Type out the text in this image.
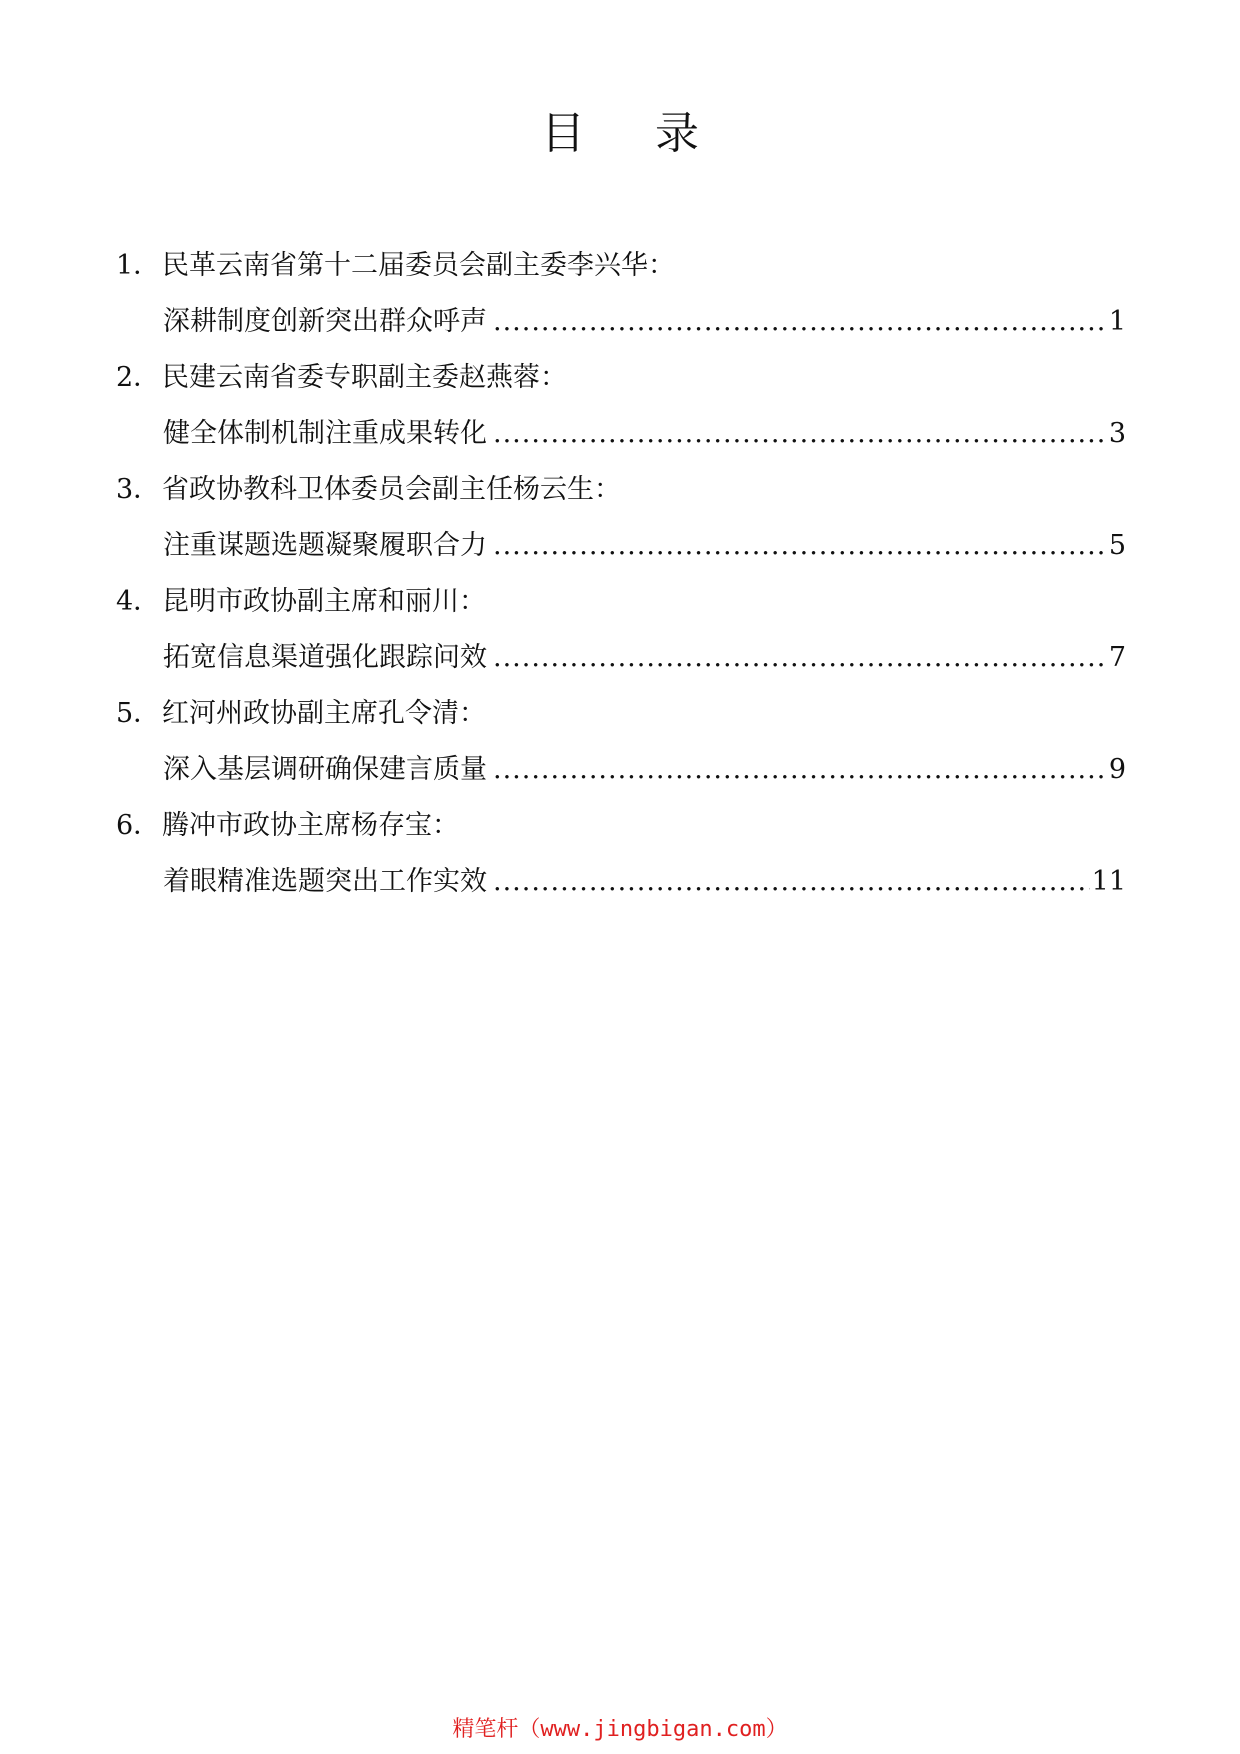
目 录
1． 民革云南省第十二届委员会副主委李兴华：
深耕制度创新突出群众呼声 .....	1
2． 民建云南省委专职副主委赵燕蓉：
健全体制机制注重成果转化 .....	3
3． 省政协教科卫体委员会副主任杨云生：
注重谋题选题凝聚履职合力 .....	5
4． 昆明市政协副主席和丽川：
拓宽信息渠道强化跟踪问效 .....	7
5． 红河州政协副主席孔令清：
深入基层调研确保建言质量 .....	9
6． 腾冲市政协主席杨存宝：
着眼精准选题突出工作实效 .....	11
精笔杆（www.jingbigan.com）
